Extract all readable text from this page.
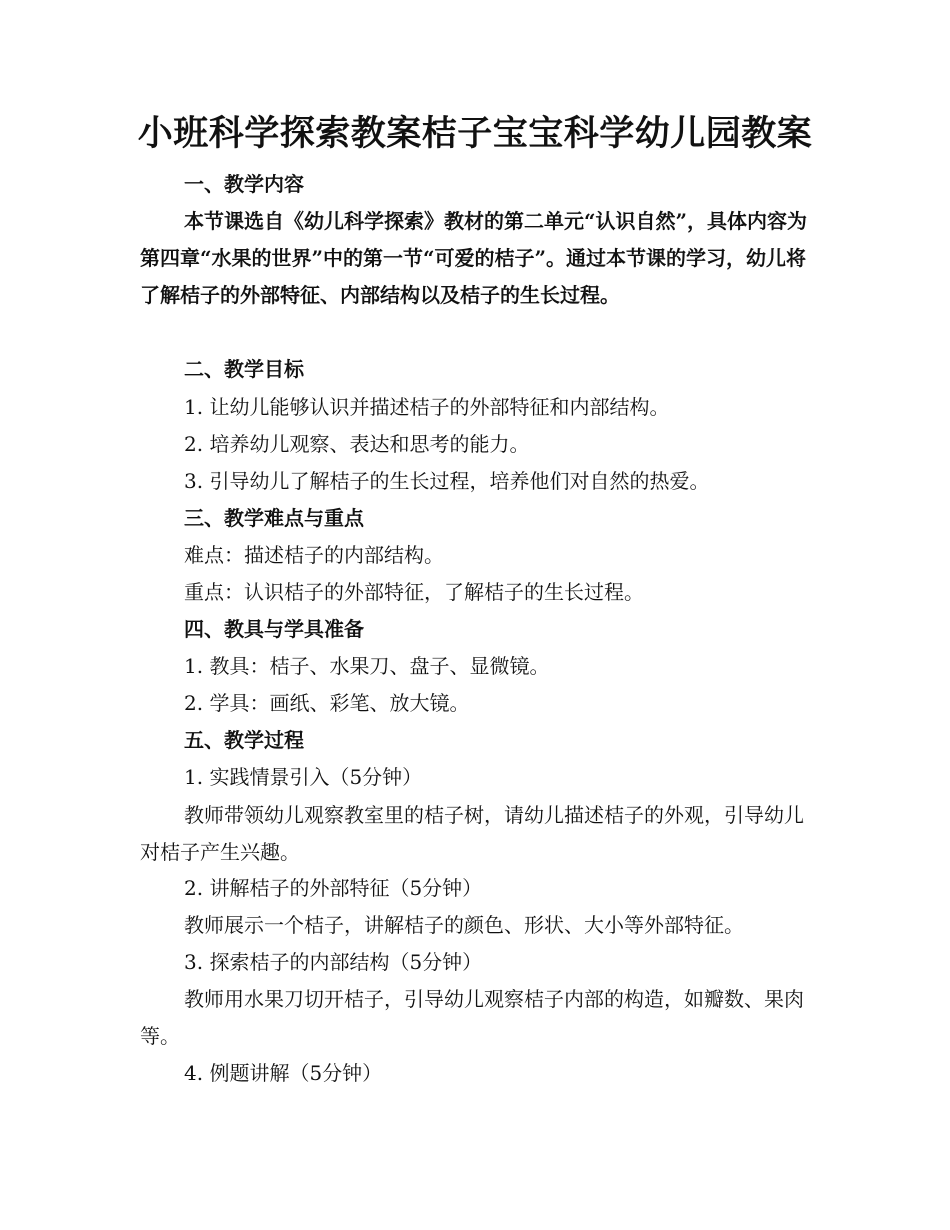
小班科学探索教案桔子宝宝科学幼儿园教案
一、教学内容

本节课选自《幼儿科学探索》教材的第二单元“认识自然”，具体内容为第四章“水果的世界”中的第一节“可爱的桔子”。通过本节课的学习，幼儿将了解桔子的外部特征、内部结构以及桔子的生长过程。

二、教学目标
1. 让幼儿能够认识并描述桔子的外部特征和内部结构。
2. 培养幼儿观察、表达和思考的能力。
3. 引导幼儿了解桔子的生长过程，培养他们对自然的热爱。
三、教学难点与重点
难点：描述桔子的内部结构。
重点：认识桔子的外部特征，了解桔子的生长过程。
四、教具与学具准备
1. 教具：桔子、水果刀、盘子、显微镜。
2. 学具：画纸、彩笔、放大镜。
五、教学过程
1. 实践情景引入（5分钟）

教师带领幼儿观察教室里的桔子树，请幼儿描述桔子的外观，引导幼儿对桔子产生兴趣。

2. 讲解桔子的外部特征（5分钟）
教师展示一个桔子，讲解桔子的颜色、形状、大小等外部特征。
3. 探索桔子的内部结构（5分钟）

教师用水果刀切开桔子，引导幼儿观察桔子内部的构造，如瓣数、果肉等。

4. 例题讲解（5分钟）
